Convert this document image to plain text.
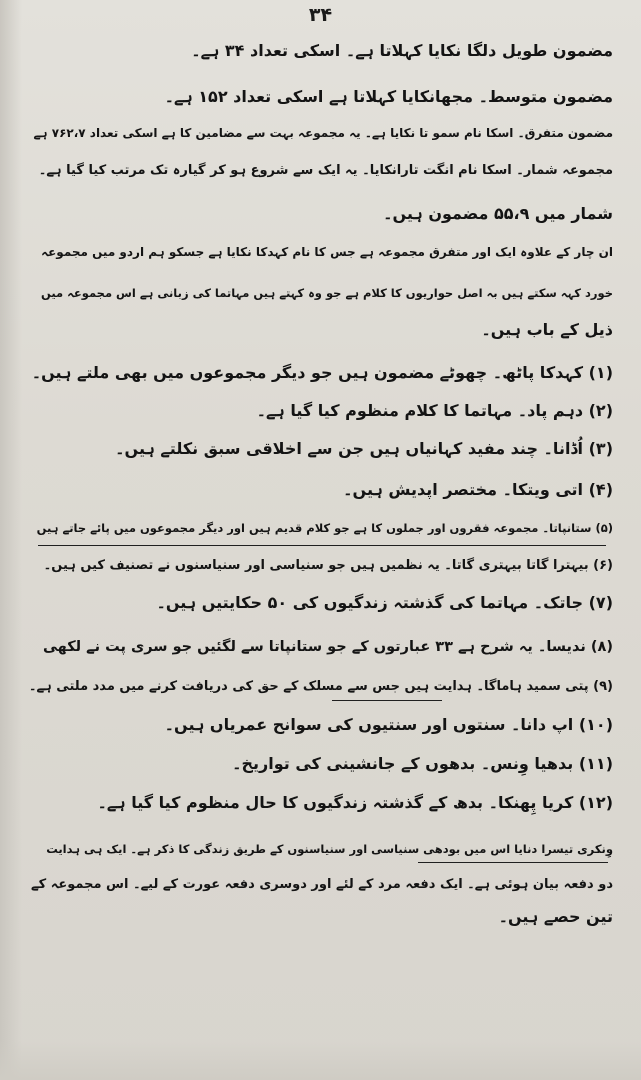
۳۴
مضمون طویل دلگا نکایا کہلاتا ہے۔ اسکی تعداد ۳۴ ہے۔
مضمون متوسط۔ مجھانکایا کہلاتا ہے اسکی تعداد ۱۵۲ ہے۔
مضمون متفرق۔ اسکا نام سمو تا نکایا ہے۔ یہ مجموعہ بہت سے مضامین کا ہے اسکی تعداد ۷۶۲،۷ ہے
مجموعہ شمار۔ اسکا نام انگت تارانکایا۔ یہ ایک سے شروع ہو کر گیارہ تک مرتب کیا گیا ہے۔
شمار میں ۵۵،۹ مضمون ہیں۔
ان چار کے علاوہ ایک اور متفرق مجموعہ ہے جس کا نام کہدکا نکایا ہے جسکو ہم اردو میں مجموعہ
خورد کہہ سکتے ہیں بہ اصل حواریوں کا کلام ہے جو وہ کہتے ہیں مہاتما کی زبانی ہے اس مجموعہ میں
ذیل کے باب ہیں۔
(۱) کہدکا پاٹھ۔ چھوٹے مضمون ہیں جو دیگر مجموعوں میں بھی ملتے ہیں۔
(۲) دہم پاد۔ مہاتما کا کلام منظوم کیا گیا ہے۔
(۳) اُڈانا۔ چند مفید کہانیاں ہیں جن سے اخلاقی سبق نکلتے ہیں۔
(۴) اتی ویتکا۔ مختصر اپدیش ہیں۔
(۵) ستانپاتا۔ مجموعہ فقروں اور جملوں کا ہے جو کلام قدیم ہیں اور دیگر مجموعوں میں پائے جاتے ہیں
(۶) بیہترا گاتا بیہتری گاتا۔ یہ نظمیں ہیں جو سنیاسی اور سنیاسنوں نے تصنیف کیں ہیں۔
(۷) جاتک۔ مہاتما کی گذشتہ زندگیوں کی ۵۰ حکایتیں ہیں۔
(۸) ندیسا۔ یہ شرح ہے ۳۳ عبارتوں کے جو ستانپاتا سے لگئیں جو سری پت نے لکھی
(۹) پتی سمید ہاماگا۔ ہدایت ہیں جس سے مسلک کے حق کی دریافت کرنے میں مدد ملتی ہے۔
(۱۰) اپ دانا۔ سنتوں اور سنتیوں کی سوانح عمریاں ہیں۔
(۱۱) بدھیا وِنس۔ بدھوں کے جانشینی کی تواریخ۔
(۱۲) کریا پِھنکا۔ بدھ کے گذشتہ زندگیوں کا حال منظوم کیا گیا ہے۔
وِنکری تیسرا دنایا اس میں بودھی سنیاسی اور سنیاسنوں کے طریق زندگی کا ذکر ہے۔ ایک ہی ہدایت
دو دفعہ بیان ہوئی ہے۔ ایک دفعہ مرد کے لئے اور دوسری دفعہ عورت کے لیے۔ اس مجموعہ کے
تین حصے ہیں۔
